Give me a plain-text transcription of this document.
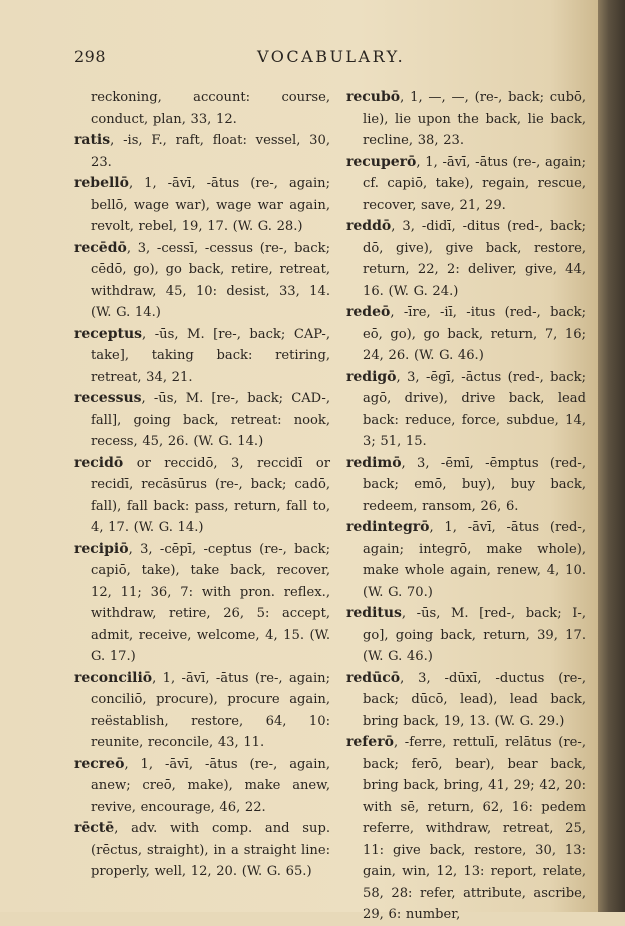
298	VOCABULARY.

reckoning, account: course, conduct, plan, 33, 12.

ratis, -is, F., raft, float: vessel, 30, 23.

rebellō, 1, -āvī, -ātus (re-, again; bellō, wage war), wage war again, revolt, rebel, 19, 17. (W. G. 28.)

recēdō, 3, -cessī, -cessus (re-, back; cēdō, go), go back, retire, retreat, withdraw, 45, 10: desist, 33, 14. (W. G. 14.)

receptus, -ūs, M. [re-, back; CAP-, take], taking back: retiring, retreat, 34, 21.

recessus, -ūs, M. [re-, back; CAD-, fall], going back, retreat: nook, recess, 45, 26. (W. G. 14.)

recidō or reccidō, 3, reccidī or recidī, recāsūrus (re-, back; cadō, fall), fall back: pass, return, fall to, 4, 17. (W. G. 14.)

recipiō, 3, -cēpī, -ceptus (re-, back; capiō, take), take back, recover, 12, 11; 36, 7: with pron. reflex., withdraw, retire, 26, 5: accept, admit, receive, welcome, 4, 15. (W. G. 17.)

reconciliō, 1, -āvī, -ātus (re-, again; conciliō, procure), procure again, reëstablish, restore, 64, 10: reunite, reconcile, 43, 11.

recreō, 1, -āvī, -ātus (re-, again, anew; creō, make), make anew, revive, encourage, 46, 22.

rēctē, adv. with comp. and sup. (rēctus, straight), in a straight line: properly, well, 12, 20. (W. G. 65.)

recubō, 1, —, —, (re-, back; cubō, lie), lie upon the back, lie back, recline, 38, 23.

recuperō, 1, -āvī, -ātus (re-, again; cf. capiō, take), regain, rescue, recover, save, 21, 29.

reddō, 3, -didī, -ditus (red-, back; dō, give), give back, restore, return, 22, 2: deliver, give, 44, 16. (W. G. 24.)

redeō, -īre, -iī, -itus (red-, back; eō, go), go back, return, 7, 16; 24, 26. (W. G. 46.)

redigō, 3, -ēgī, -āctus (red-, back; agō, drive), drive back, lead back: reduce, force, subdue, 14, 3; 51, 15.

redimō, 3, -ēmī, -ēmptus (red-, back; emō, buy), buy back, redeem, ransom, 26, 6.

redintegrō, 1, -āvī, -ātus (red-, again; integrō, make whole), make whole again, renew, 4, 10. (W. G. 70.)

reditus, -ūs, M. [red-, back; I-, go], going back, return, 39, 17. (W. G. 46.)

redūcō, 3, -dūxī, -ductus (re-, back; dūcō, lead), lead back, bring back, 19, 13. (W. G. 29.)

referō, -ferre, rettulī, relātus (re-, back; ferō, bear), bear back, bring back, bring, 41, 29; 42, 20: with sē, return, 62, 16: pedem referre, withdraw, retreat, 25, 11: give back, restore, 30, 13: gain, win, 12, 13: report, relate, 58, 28: refer, attribute, ascribe, 29, 6: number,
